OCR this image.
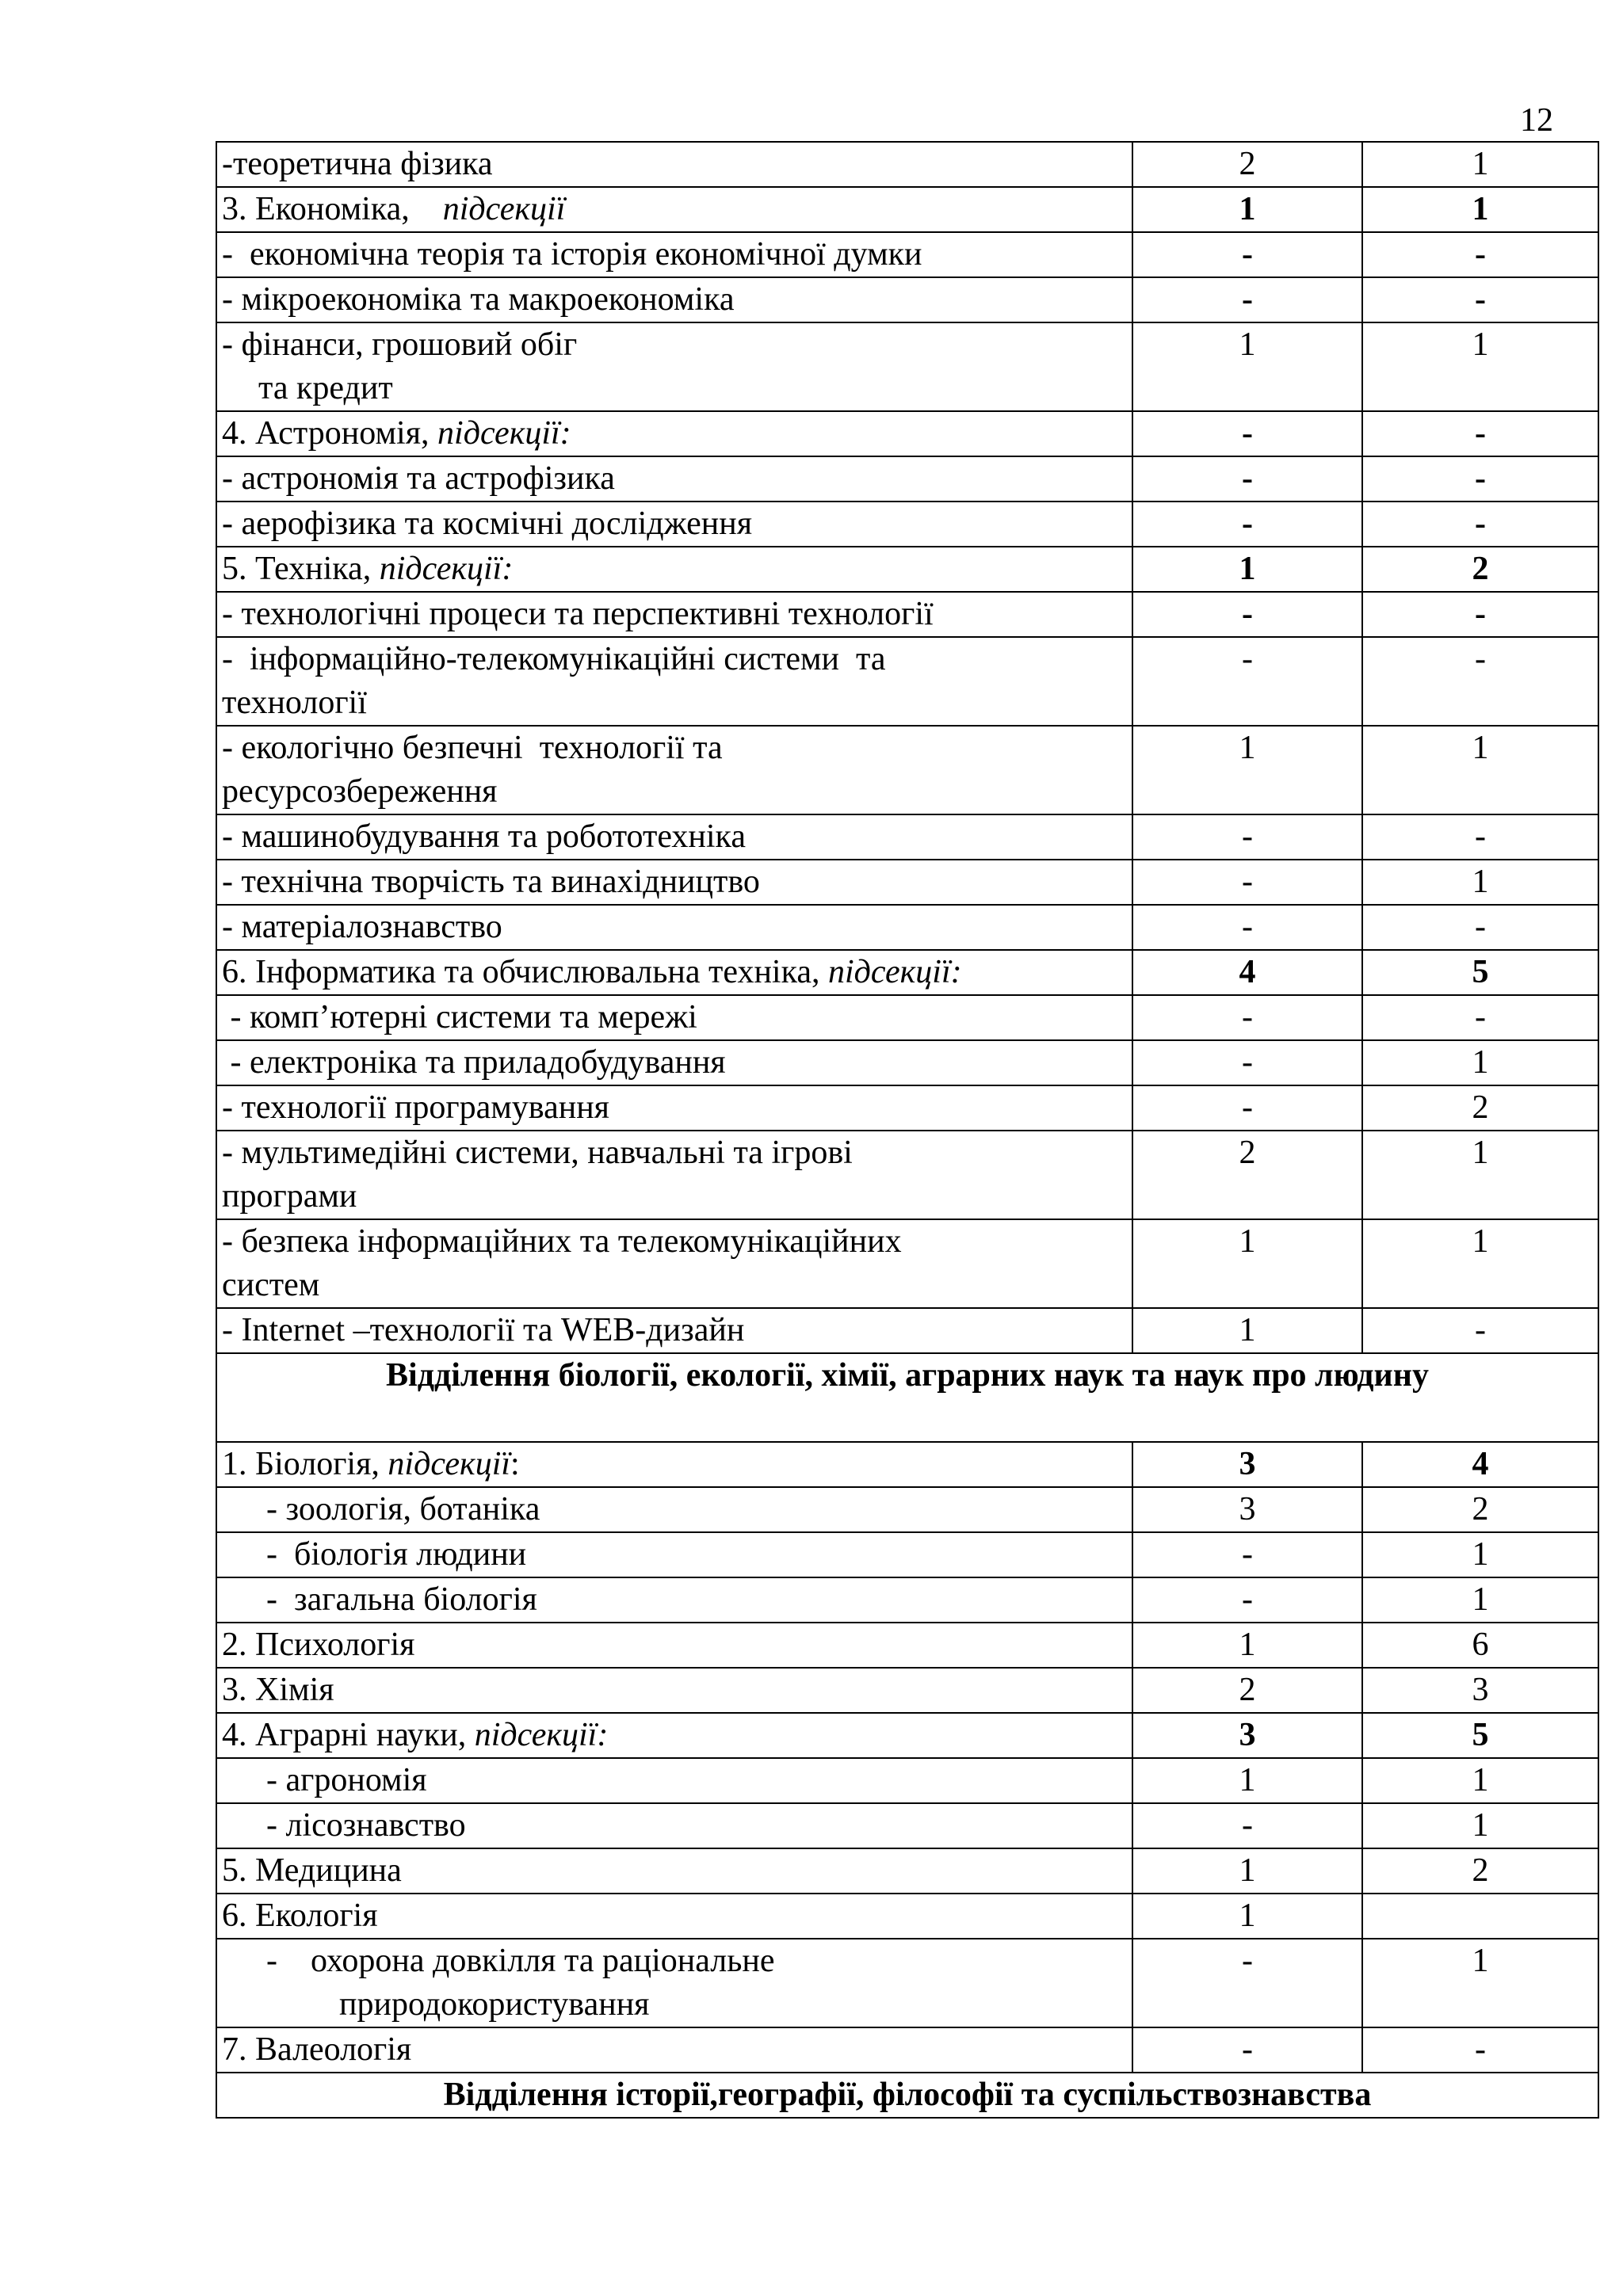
12
-теоретична фізика	2	1

3. Економіка,    підсекції	1	1

-  економічна теорія та історія економічної думки	-	-

- мікроекономіка та макроекономіка	-	-

- фінанси, грошовий обіг
та кредит	1	1

4. Астрономія, підсекції:	-	-

- астрономія та астрофізика	-	-

- аерофізика та космічні дослідження	-	-

5. Техніка, підсекції:	1	2

- технологічні процеси та перспективні технології	-	-

-  інформаційно-телекомунікаційні системи  та
технології	-	-

- екологічно безпечні  технології та
ресурсозбереження	1	1

- машинобудування та робототехніка	-	-

- технічна творчість та винахідництво	-	1

- матеріалознавство	-	-

6. Інформатика та обчислювальна техніка, підсекції:	4	5

- комп’ютерні системи та мережі	-	-

- електроніка та приладобудування	-	1

- технології програмування	-	2

- мультимедійні системи, навчальні та ігрові
програми	2	1

- безпека інформаційних та телекомунікаційних
систем	1	1

- Internet –технології та WEB-дизайн	1	-
Відділення біології, екології, хімії, аграрних наук та наук про людину		

1. Біологія, підсекції:	3	4

- зоологія, ботаніка	3	2

-  біологія людини	-	1

-  загальна біологія	-	1

2. Психологія	1	6

3. Хімія	2	3

4. Аграрні науки, підсекції:	3	5

- агрономія	1	1

- лісознавство	-	1

5. Медицина	1	2

6. Екологія	1	

-    охорона довкілля та раціональне
природокористування	-	1

7. Валеологія	-	-
Відділення історії,географії, філософії та суспільствознавства		
